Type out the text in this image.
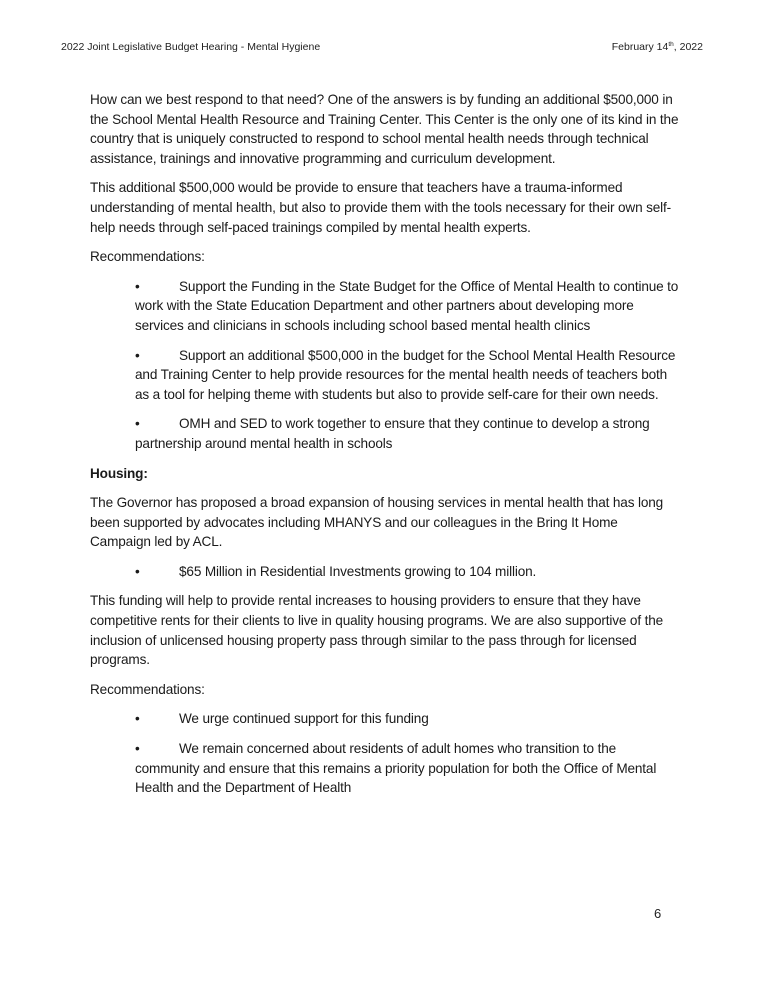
2022 Joint Legislative Budget Hearing - Mental Hygiene	February 14th, 2022

How can we best respond to that need? One of the answers is by funding an additional $500,000 in the School Mental Health Resource and Training Center. This Center is the only one of its kind in the country that is uniquely constructed to respond to school mental health needs through technical assistance, trainings and innovative programming and curriculum development.

This additional $500,000 would be provide to ensure that teachers have a trauma-informed understanding of mental health, but also to provide them with the tools necessary for their own self-help needs through self-paced trainings compiled by mental health experts.

Recommendations:

•	Support the Funding in the State Budget for the Office of Mental Health to continue to work with the State Education Department and other partners about developing more services and clinicians in schools including school based mental health clinics
•	Support an additional $500,000 in the budget for the School Mental Health Resource and Training Center to help provide resources for the mental health needs of teachers both as a tool for helping theme with students but also to provide self-care for their own needs.
•	OMH and SED to work together to ensure that they continue to develop a strong partnership around mental health in schools

Housing:

The Governor has proposed a broad expansion of housing services in mental health that has long been supported by advocates including MHANYS and our colleagues in the Bring It Home Campaign led by ACL.

•	$65 Million in Residential Investments growing to 104 million.

This funding will help to provide rental increases to housing providers to ensure that they have competitive rents for their clients to live in quality housing programs. We are also supportive of the inclusion of unlicensed housing property pass through similar to the pass through for licensed programs.

Recommendations:

•	We urge continued support for this funding
•	We remain concerned about residents of adult homes who transition to the community and ensure that this remains a priority population for both the Office of Mental Health and the Department of Health
6
